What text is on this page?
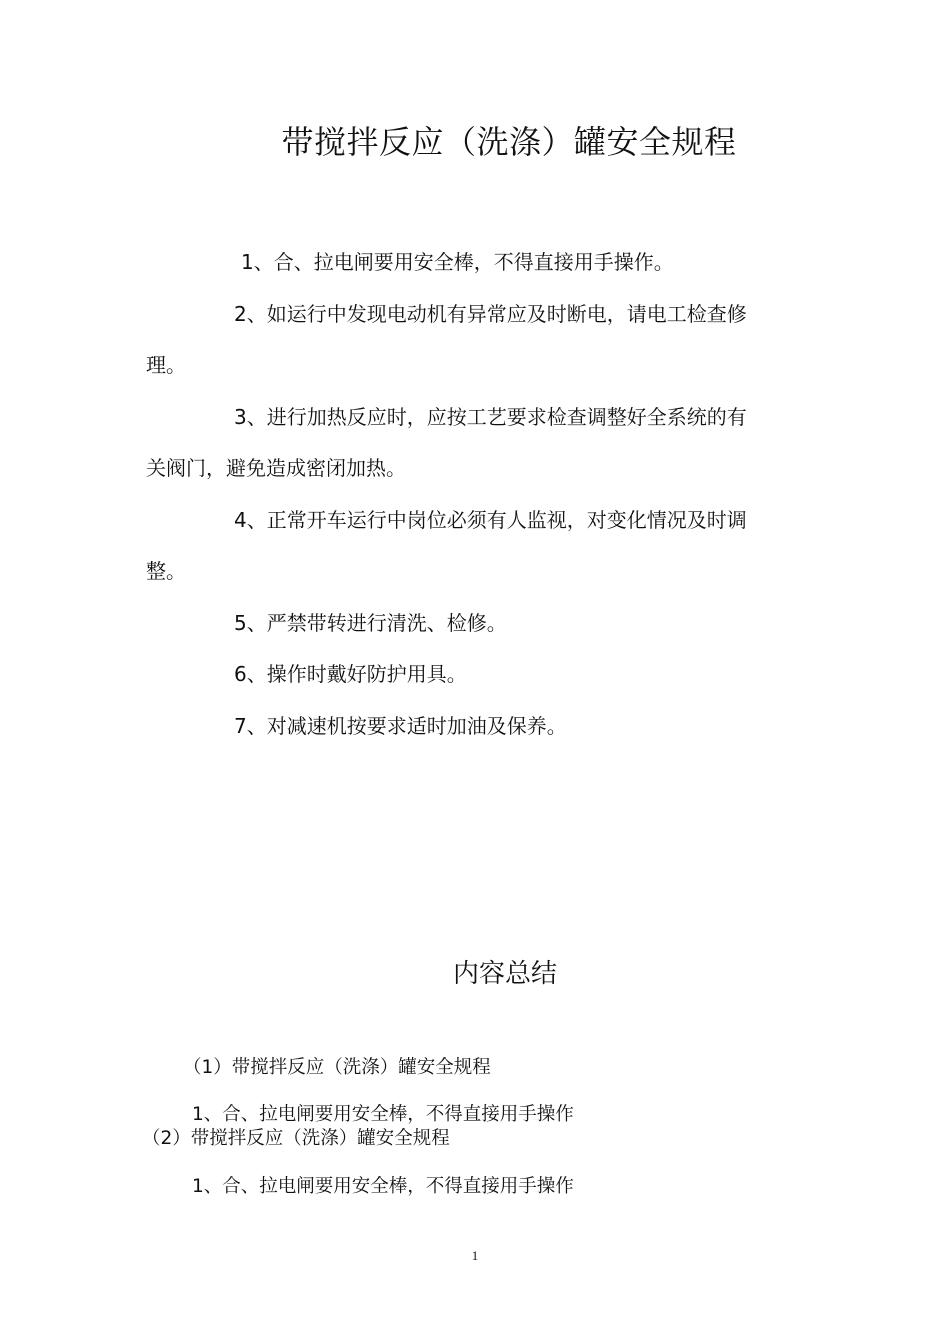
带搅拌反应（洗涤）罐安全规程
1、合、拉电闸要用安全棒，不得直接用手操作。
2、如运行中发现电动机有异常应及时断电，请电工检查修
理。
3、进行加热反应时，应按工艺要求检查调整好全系统的有
关阀门，避免造成密闭加热。
4、正常开车运行中岗位必须有人监视，对变化情况及时调
整。
5、严禁带转进行清洗、检修。
6、操作时戴好防护用具。
7、对减速机按要求适时加油及保养。
内容总结
（1）带搅拌反应（洗涤）罐安全规程
1、合、拉电闸要用安全棒，不得直接用手操作
（2）带搅拌反应（洗涤）罐安全规程
1、合、拉电闸要用安全棒，不得直接用手操作
1
